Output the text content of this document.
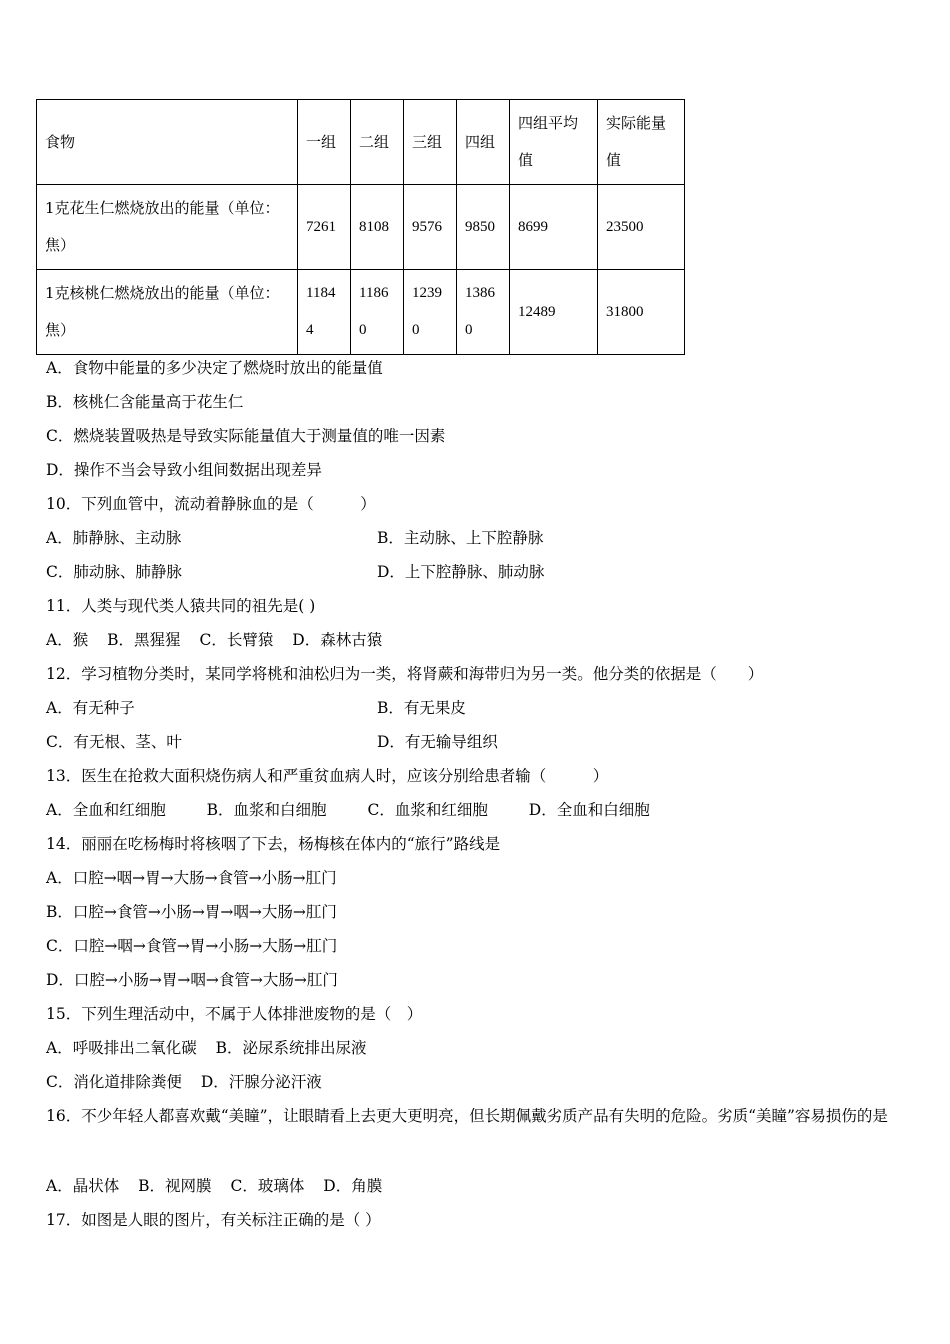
食物	一组	二组	三组	四组	四组平均值	实际能量值
1克花生仁燃烧放出的能量（单位：焦）	7261	8108	9576	9850	8699	23500
1克核桃仁燃烧放出的能量（单位：焦）	11844	11860	12390	13860	12489	31800
A．食物中能量的多少决定了燃烧时放出的能量值
B．核桃仁含能量高于花生仁
C．燃烧装置吸热是导致实际能量值大于测量值的唯一因素
D．操作不当会导致小组间数据出现差异
10．下列血管中，流动着静脉血的是（　　　）
A．肺静脉、主动脉	B．主动脉、上下腔静脉
C．肺动脉、肺静脉	D．上下腔静脉、肺动脉
11．人类与现代类人猿共同的祖先是( )
A．猴 B．黑猩猩 C．长臂猿 D．森林古猿
12．学习植物分类时，某同学将桃和油松归为一类，将肾蕨和海带归为另一类。他分类的依据是（　　）
A．有无种子	B．有无果皮
C．有无根、茎、叶	D．有无输导组织
13．医生在抢救大面积烧伤病人和严重贫血病人时，应该分别给患者输（　　　）
A．全血和红细胞	B．血浆和白细胞	C．血浆和红细胞	D．全血和白细胞
14．丽丽在吃杨梅时将核咽了下去，杨梅核在体内的“旅行”路线是
A．口腔→咽→胃→大肠→食管→小肠→肛门
B．口腔→食管→小肠→胃→咽→大肠→肛门
C．口腔→咽→食管→胃→小肠→大肠→肛门
D．口腔→小肠→胃→咽→食管→大肠→肛门
15．下列生理活动中，不属于人体排泄废物的是（　）
A．呼吸排出二氧化碳 B．泌尿系统排出尿液
C．消化道排除粪便 D．汗腺分泌汗液
16．不少年轻人都喜欢戴“美瞳”，让眼睛看上去更大更明亮，但长期佩戴劣质产品有失明的危险。劣质“美瞳”容易损伤的是
A．晶状体 B．视网膜 C．玻璃体 D．角膜
17．如图是人眼的图片，有关标注正确的是（ ）
